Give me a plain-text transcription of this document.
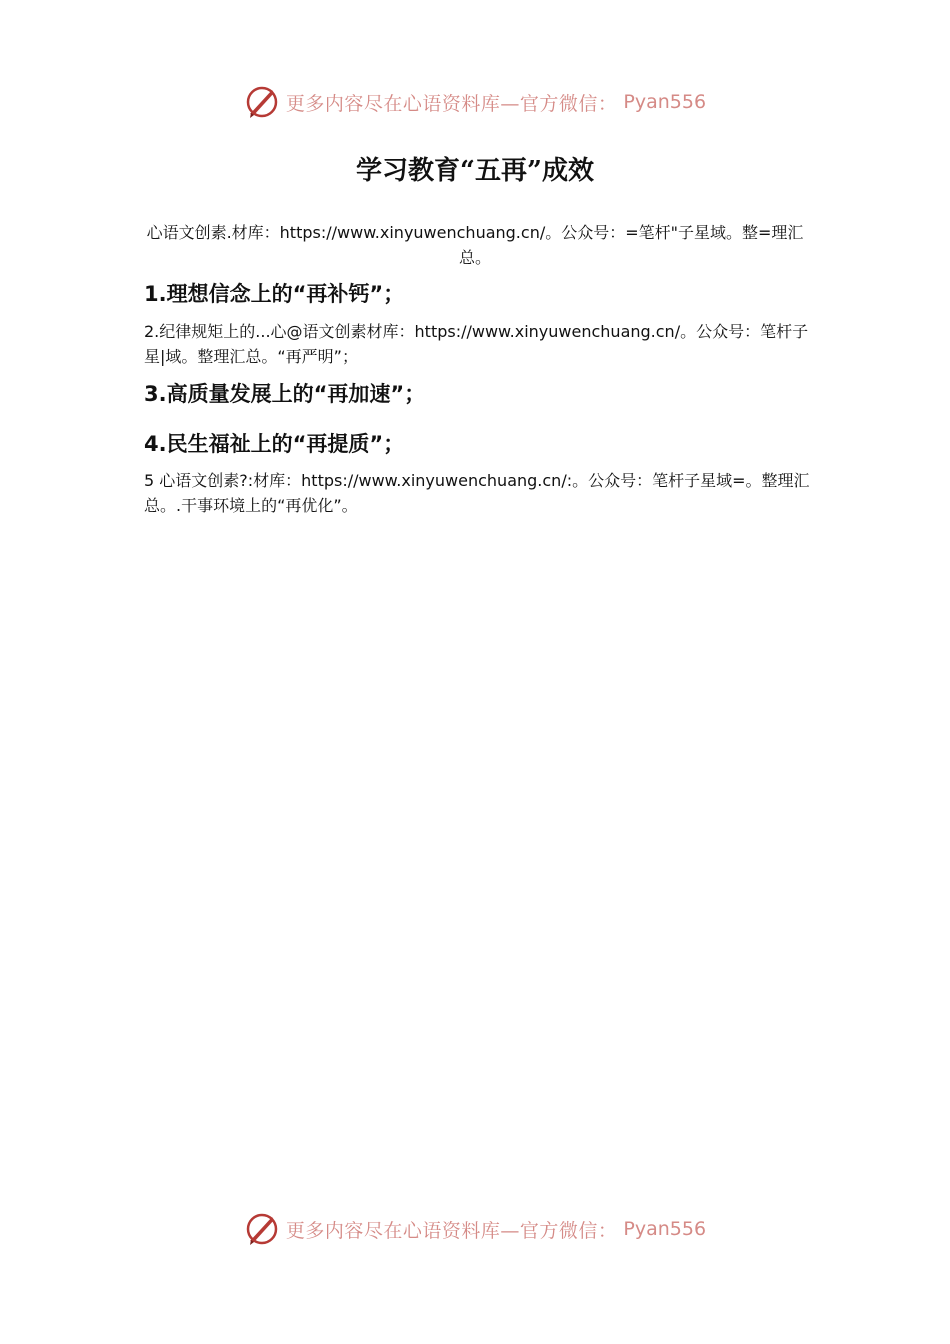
更多内容尽在心语资料库—官方微信： Pyan556
学习教育“五再”成效

心语文创素.材库：https://www.xinyuwenchuang.cn/。公众号：=笔杆"子星域。整=理汇总。

1.理想信念上的“再补钙”；

2.纪律规矩上的...心@语文创素材库：https://www.xinyuwenchuang.cn/。公众号：笔杆子星|域。整理汇总。“再严明”；

3.高质量发展上的“再加速”；
4.民生福祉上的“再提质”；

5 心语文创素?:材库：https://www.xinyuwenchuang.cn/:。公众号：笔杆子星域=。整理汇总。.干事环境上的“再优化”。

更多内容尽在心语资料库—官方微信： Pyan556
